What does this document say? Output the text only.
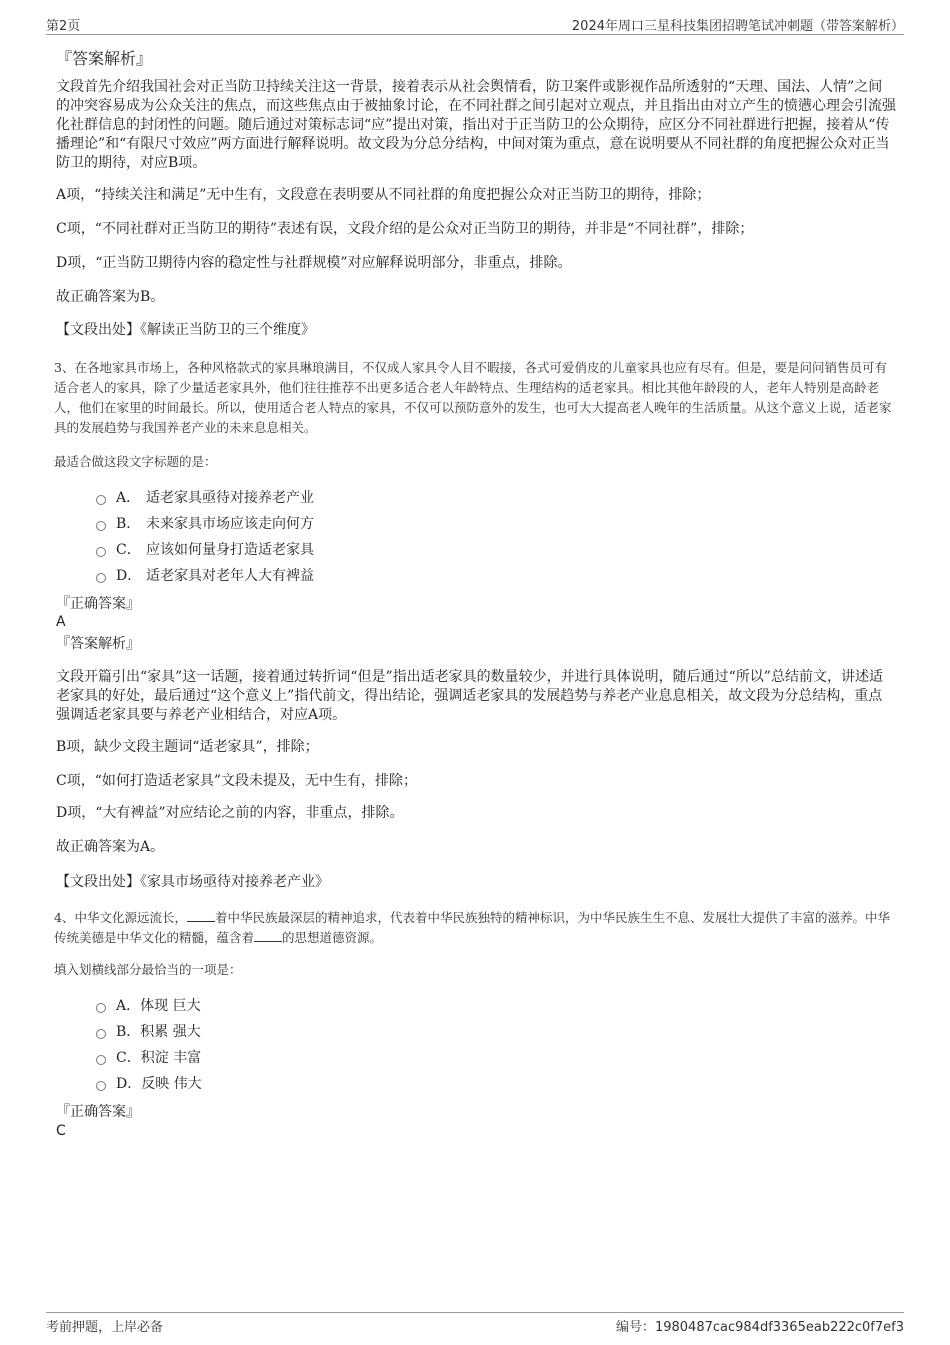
第2页	2024年周口三星科技集团招聘笔试冲刺题（带答案解析）
『答案解析』

文段首先介绍我国社会对正当防卫持续关注这一背景，接着表示从社会舆情看，防卫案件或影视作品所透射的“天理、国法、人情”之间的冲突容易成为公众关注的焦点，而这些焦点由于被抽象讨论，在不同社群之间引起对立观点，并且指出由对立产生的愤懑心理会引流强化社群信息的封闭性的问题。随后通过对策标志词“应”提出对策，指出对于正当防卫的公众期待，应区分不同社群进行把握，接着从“传播理论”和“有限尺寸效应”两方面进行解释说明。故文段为分总分结构，中间对策为重点，意在说明要从不同社群的角度把握公众对正当防卫的期待，对应B项。

A项，“持续关注和满足”无中生有，文段意在表明要从不同社群的角度把握公众对正当防卫的期待，排除；

C项，“不同社群对正当防卫的期待”表述有误，文段介绍的是公众对正当防卫的期待，并非是“不同社群”，排除；

D项，“正当防卫期待内容的稳定性与社群规模”对应解释说明部分，非重点，排除。

故正确答案为B。

【文段出处】《解读正当防卫的三个维度》

3、在各地家具市场上，各种风格款式的家具琳琅满目，不仅成人家具令人目不暇接，各式可爱俏皮的儿童家具也应有尽有。但是，要是问问销售员可有适合老人的家具，除了少量适老家具外，他们往往推荐不出更多适合老人年龄特点、生理结构的适老家具。相比其他年龄段的人，老年人特别是高龄老人，他们在家里的时间最长。所以，使用适合老人特点的家具，不仅可以预防意外的发生，也可大大提高老人晚年的生活质量。从这个意义上说，适老家具的发展趋势与我国养老产业的未来息息相关。

最适合做这段文字标题的是：
A． 适老家具亟待对接养老产业
B． 未来家具市场应该走向何方
C． 应该如何量身打造适老家具
D． 适老家具对老年人大有裨益
『正确答案』
A
『答案解析』

文段开篇引出“家具”这一话题，接着通过转折词“但是”指出适老家具的数量较少，并进行具体说明，随后通过“所以”总结前文，讲述适老家具的好处，最后通过“这个意义上”指代前文，得出结论，强调适老家具的发展趋势与养老产业息息相关，故文段为分总结构，重点强调适老家具要与养老产业相结合，对应A项。

B项，缺少文段主题词“适老家具”，排除；

C项，“如何打造适老家具”文段未提及，无中生有，排除；

D项，“大有裨益”对应结论之前的内容，非重点，排除。

故正确答案为A。

【文段出处】《家具市场亟待对接养老产业》

4、中华文化源远流长， 着中华民族最深层的精神追求，代表着中华民族独特的精神标识，为中华民族生生不息、发展壮大提供了丰富的滋养。中华传统美德是中华文化的精髓，蕴含着 的思想道德资源。

填入划横线部分最恰当的一项是：
A． 体现 巨大
B． 积累 强大
C． 积淀 丰富
D． 反映 伟大
『正确答案』
C
考前押题，上岸必备	编号：1980487cac984df3365eab222c0f7ef3
